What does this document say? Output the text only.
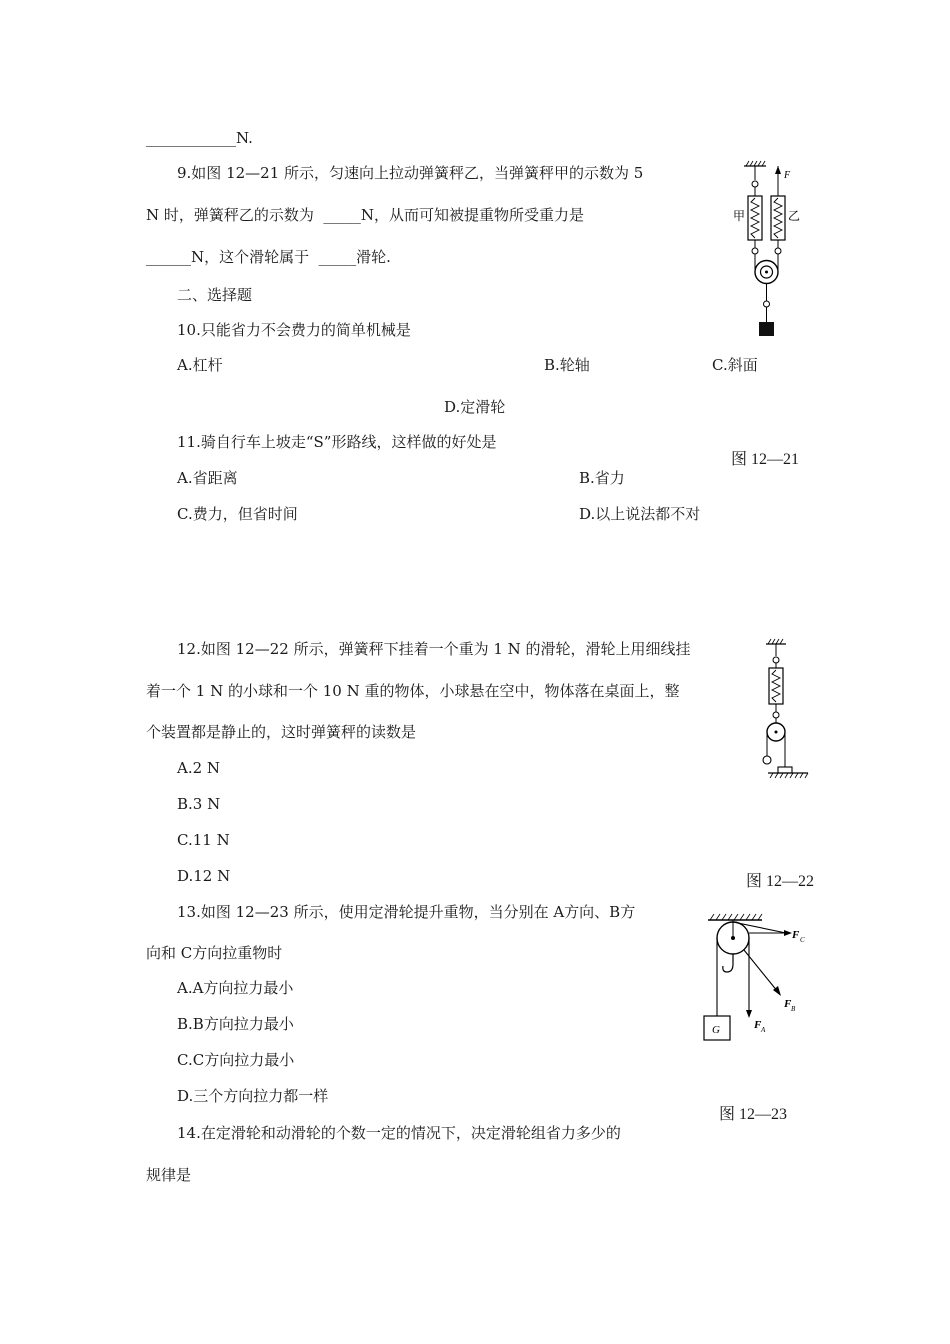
____________N.
9.如图 12—21 所示，匀速向上拉动弹簧秤乙，当弹簧秤甲的示数为 5
N 时，弹簧秤乙的示数为  _____N，从而可知被提重物所受重力是
______N，这个滑轮属于  _____滑轮.
二、选择题
10.只能省力不会费力的简单机械是
A.杠杆	B.轮轴	C.斜面
D.定滑轮
11.骑自行车上坡走“S”形路线，这样做的好处是
A.省距离	B.省力
C.费力，但省时间	D.以上说法都不对
图 12—21
12.如图 12—22 所示，弹簧秤下挂着一个重为 1 N 的滑轮，滑轮上用细线挂
着一个 1 N 的小球和一个 10 N 重的物体，小球悬在空中，物体落在桌面上，整
个装置都是静止的，这时弹簧秤的读数是
A.2 N
B.3 N
C.11 N
D.12 N	图 12—22
13.如图 12—23 所示，使用定滑轮提升重物，当分别在 A方向、B方
向和 C方向拉重物时
A.A方向拉力最小
B.B方向拉力最小
C.C方向拉力最小
D.三个方向拉力都一样
图 12—23
14.在定滑轮和动滑轮的个数一定的情况下，决定滑轮组省力多少的
规律是
甲
F
乙
G
F C
F B
F A
